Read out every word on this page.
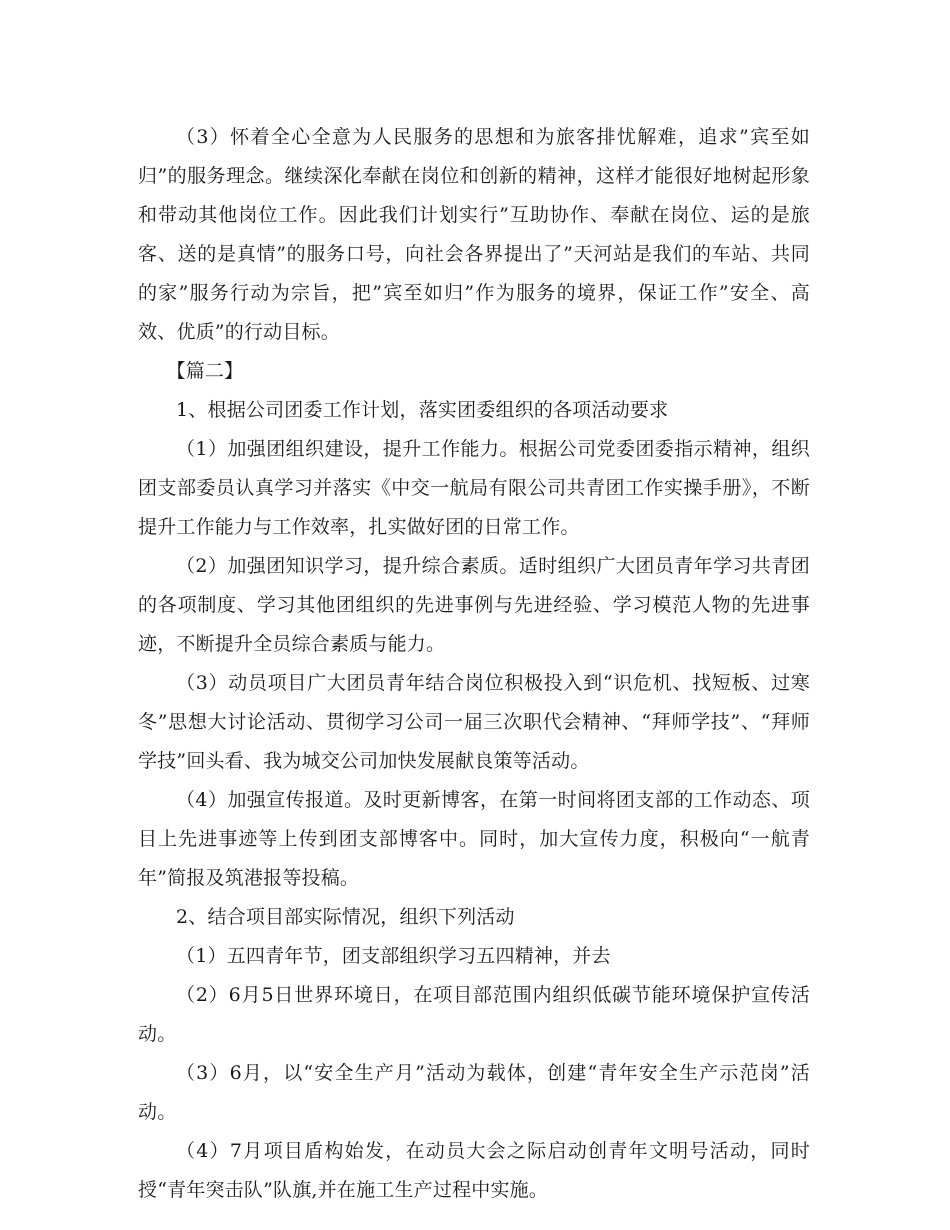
（3）怀着全心全意为人民服务的思想和为旅客排忧解难，追求”宾至如归”的服务理念。继续深化奉献在岗位和创新的精神，这样才能很好地树起形象和带动其他岗位工作。因此我们计划实行”互助协作、奉献在岗位、运的是旅客、送的是真情”的服务口号，向社会各界提出了”天河站是我们的车站、共同的家”服务行动为宗旨，把”宾至如归”作为服务的境界，保证工作”安全、高效、优质”的行动目标。

【篇二】

1、根据公司团委工作计划，落实团委组织的各项活动要求

（1）加强团组织建设，提升工作能力。根据公司党委团委指示精神，组织团支部委员认真学习并落实《中交一航局有限公司共青团工作实操手册》，不断提升工作能力与工作效率，扎实做好团的日常工作。

（2）加强团知识学习，提升综合素质。适时组织广大团员青年学习共青团的各项制度、学习其他团组织的先进事例与先进经验、学习模范人物的先进事迹，不断提升全员综合素质与能力。

（3）动员项目广大团员青年结合岗位积极投入到“识危机、找短板、过寒冬”思想大讨论活动、贯彻学习公司一届三次职代会精神、“拜师学技”、“拜师学技”回头看、我为城交公司加快发展献良策等活动。

（4）加强宣传报道。及时更新博客，在第一时间将团支部的工作动态、项目上先进事迹等上传到团支部博客中。同时，加大宣传力度，积极向“一航青年”简报及筑港报等投稿。

2、结合项目部实际情况，组织下列活动

（1）五四青年节，团支部组织学习五四精神，并去

（2）6月5日世界环境日，在项目部范围内组织低碳节能环境保护宣传活动。

（3）6月，以“安全生产月”活动为载体，创建“青年安全生产示范岗”活动。

（4）7月项目盾构始发，在动员大会之际启动创青年文明号活动，同时授“青年突击队”队旗,并在施工生产过程中实施。
